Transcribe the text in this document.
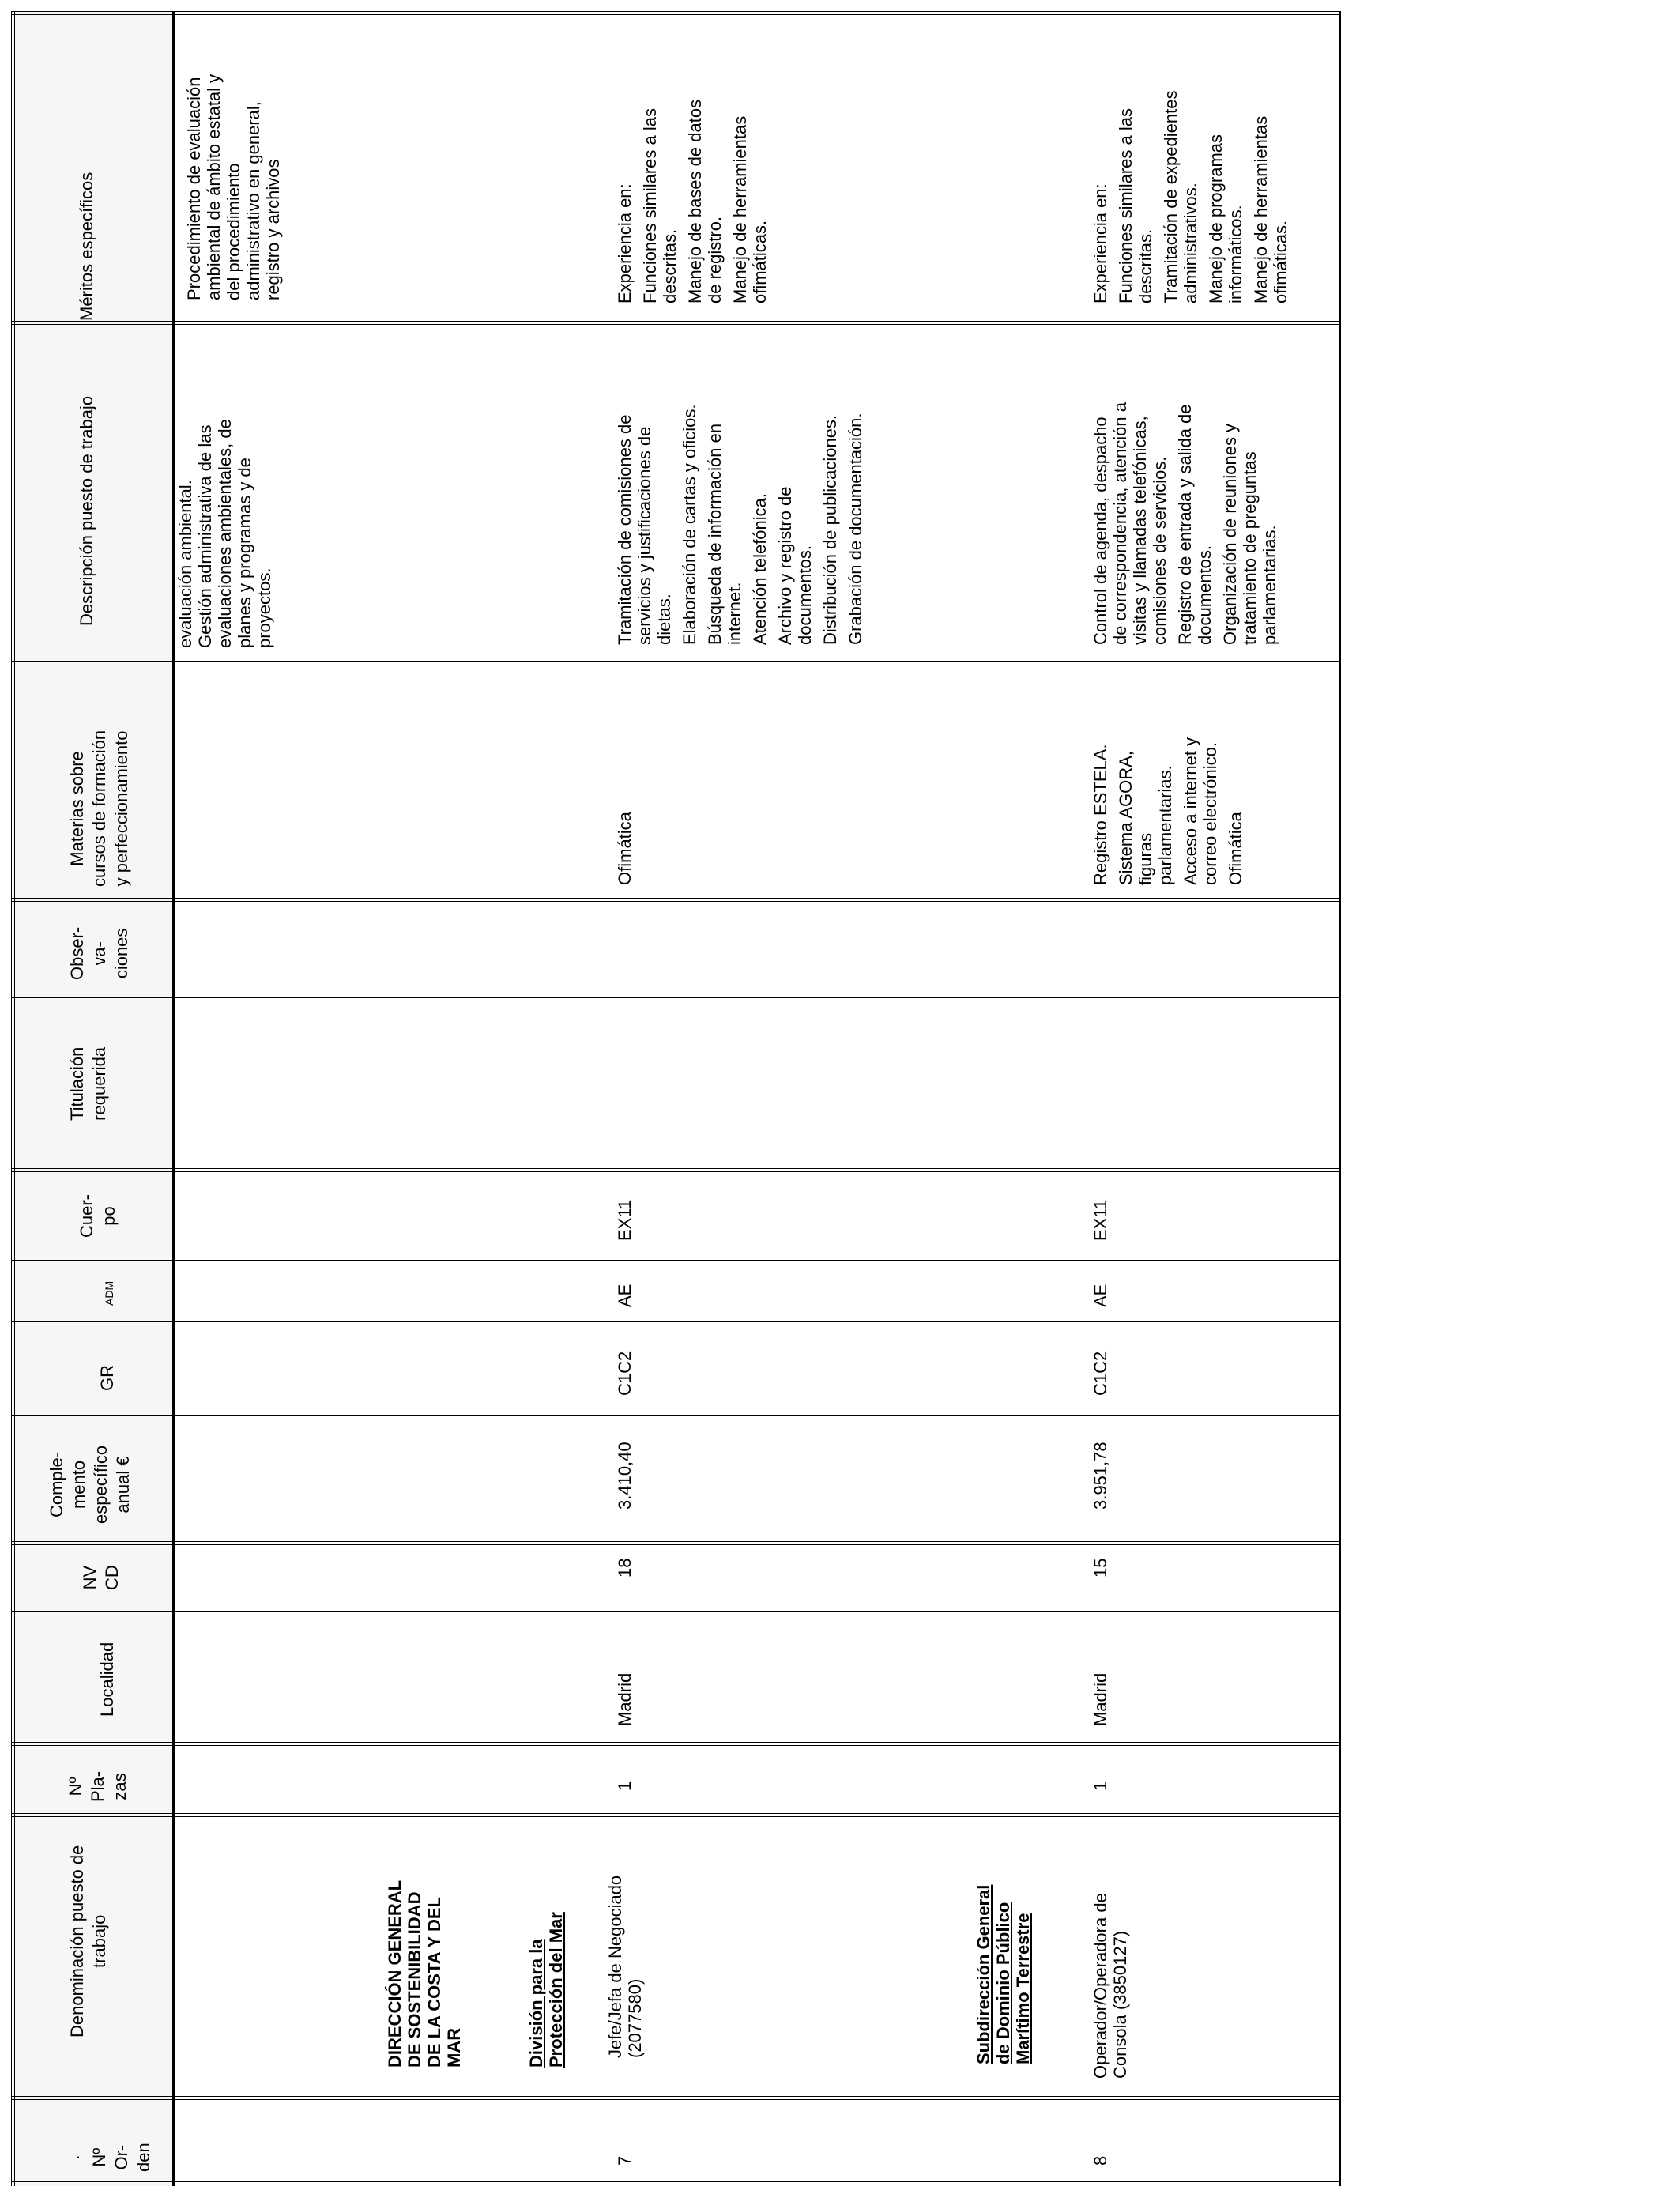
Méritos específicos
Descripción puesto de trabajo
Materias sobre cursos de formación y perfeccionamiento
Obser- va- ciones
Titulación requerida
Cuer- po
ADM
GR
Comple- mento específico anual €
NV CD
Localidad
Nº Pla- zas
Denominación puesto de trabajo
· Nº Or- den
Procedimiento de evaluación ambiental de ámbito estatal y del procedimiento administrativo en general, registro y archivos
evaluación ambiental. Gestión administrativa de las evaluaciones ambientales, de planes y programas y de proyectos.
DIRECCIÓN GENERAL DE SOSTENIBILIDAD DE LA COSTA Y DEL MAR	División para la Protección del Mar	Subdirección General de Dominio Público Marítimo Terrestre
7
Jefe/Jefa de Negociado (2077580)
1
Madrid
18
3.410,40
C1C2
AE
EX11
Ofimática
Tramitación de comisiones de servicios y justificaciones de dietas. Elaboración de cartas y oficios. Búsqueda de información en internet. Atención telefónica. Archivo y registro de documentos. Distribución de publicaciones. Grabación de documentación.
Experiencia en: Funciones similares a las descritas. Manejo de bases de datos de registro. Manejo de herramientas ofimáticas.
8
Operador/Operadora de Consola (3850127)
1
Madrid
15
3.951,78
C1C2
AE
EX11
Registro ESTELA. Sistema AGORA, figuras parlamentarias. Acceso a internet y correo electrónico. Ofimática
Control de agenda, despacho de correspondencia, atención a visitas y llamadas telefónicas, comisiones de servicios. Registro de entrada y salida de documentos. Organización de reuniones y tratamiento de preguntas parlamentarias.
Experiencia en: Funciones similares a las descritas. Tramitación de expedientes administrativos. Manejo de programas informáticos. Manejo de herramientas ofimáticas.
